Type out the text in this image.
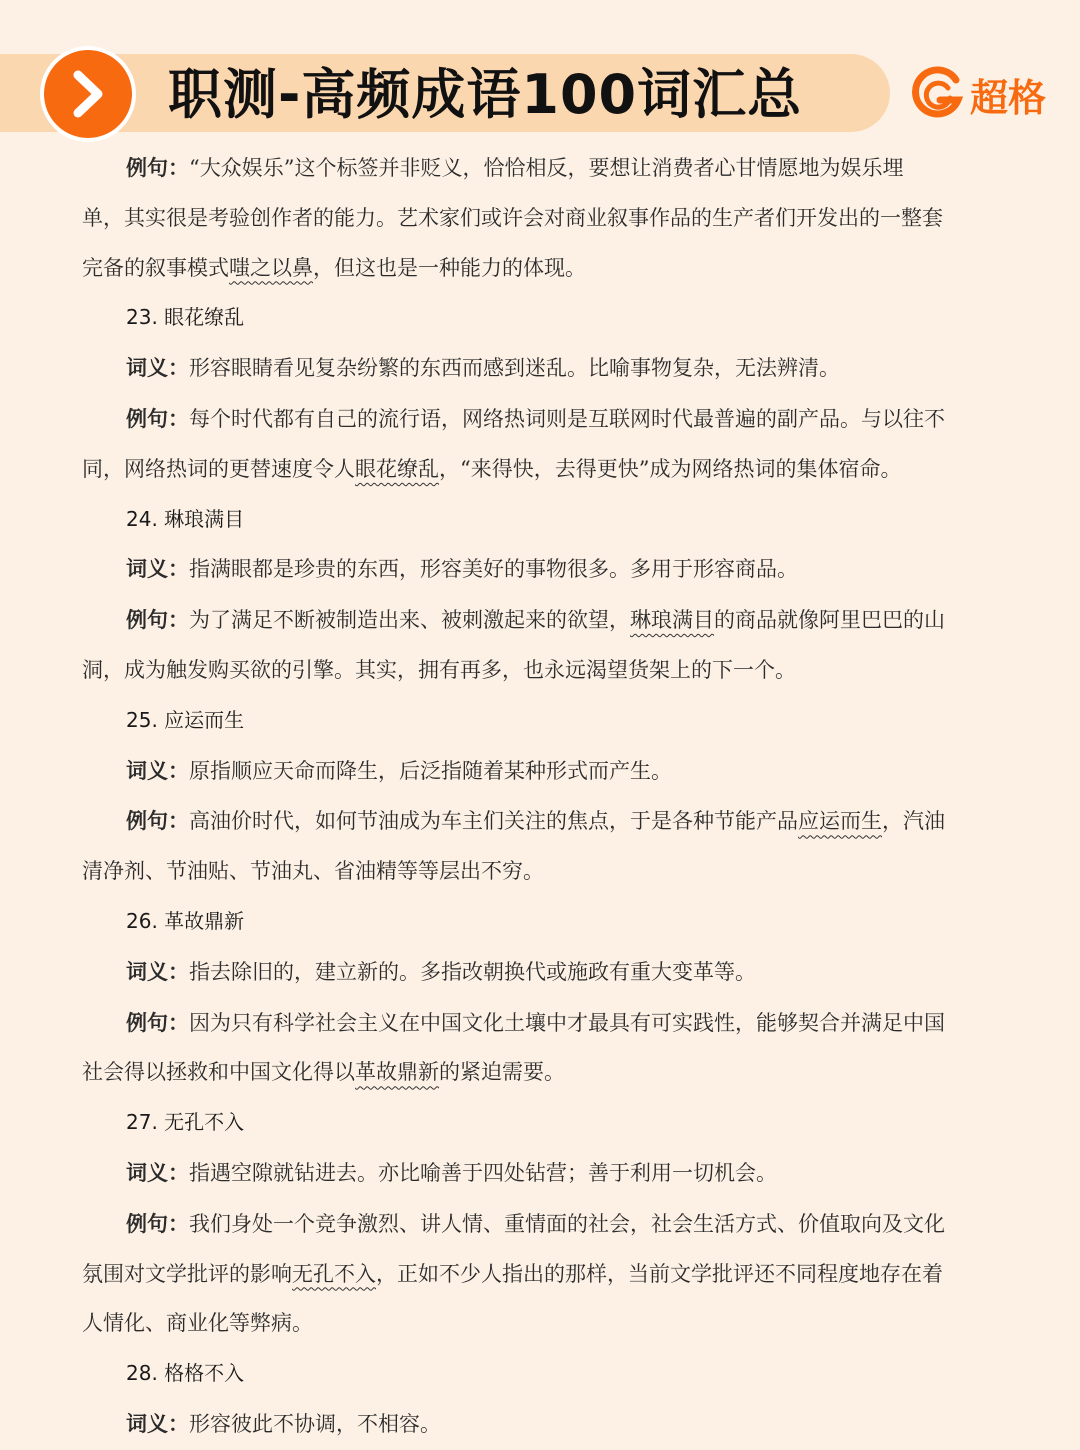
职测-高频成语100词汇总	超格
例句：“大众娱乐”这个标签并非贬义，恰恰相反，要想让消费者心甘情愿地为娱乐埋
单，其实很是考验创作者的能力。艺术家们或许会对商业叙事作品的生产者们开发出的一整套
完备的叙事模式嗤之以鼻，但这也是一种能力的体现。
23. 眼花缭乱
词义：形容眼睛看见复杂纷繁的东西而感到迷乱。比喻事物复杂，无法辨清。
例句：每个时代都有自己的流行语，网络热词则是互联网时代最普遍的副产品。与以往不
同，网络热词的更替速度令人眼花缭乱，“来得快，去得更快”成为网络热词的集体宿命。
24. 琳琅满目
词义：指满眼都是珍贵的东西，形容美好的事物很多。多用于形容商品。
例句：为了满足不断被制造出来、被刺激起来的欲望，琳琅满目的商品就像阿里巴巴的山
洞，成为触发购买欲的引擎。其实，拥有再多，也永远渴望货架上的下一个。
25. 应运而生
词义：原指顺应天命而降生，后泛指随着某种形式而产生。
例句：高油价时代，如何节油成为车主们关注的焦点，于是各种节能产品应运而生，汽油
清净剂、节油贴、节油丸、省油精等等层出不穷。
26. 革故鼎新
词义：指去除旧的，建立新的。多指改朝换代或施政有重大变革等。
例句：因为只有科学社会主义在中国文化土壤中才最具有可实践性，能够契合并满足中国
社会得以拯救和中国文化得以革故鼎新的紧迫需要。
27. 无孔不入
词义：指遇空隙就钻进去。亦比喻善于四处钻营；善于利用一切机会。
例句：我们身处一个竞争激烈、讲人情、重情面的社会，社会生活方式、价值取向及文化
氛围对文学批评的影响无孔不入，正如不少人指出的那样，当前文学批评还不同程度地存在着
人情化、商业化等弊病。
28. 格格不入
词义：形容彼此不协调，不相容。
